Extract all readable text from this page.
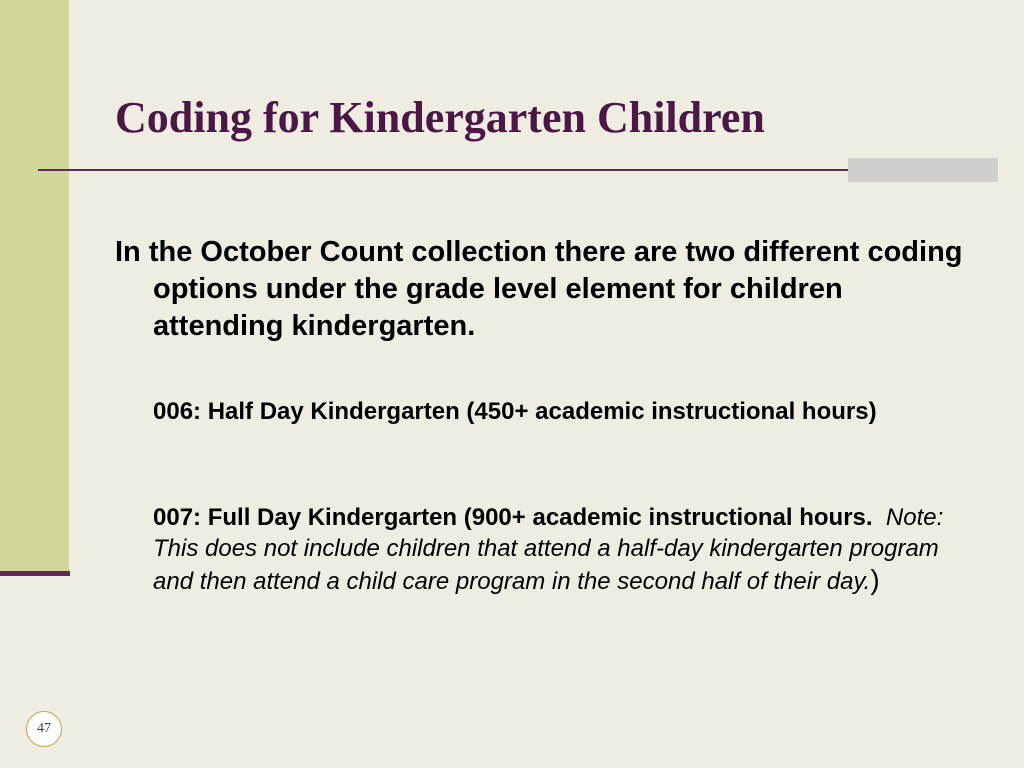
Coding for Kindergarten Children

In the October Count collection there are two different coding options under the grade level element for children attending kindergarten.

006: Half Day Kindergarten (450+ academic instructional hours)

007: Full Day Kindergarten (900+ academic instructional hours. Note: This does not include children that attend a half-day kindergarten program and then attend a child care program in the second half of their day.)

47
